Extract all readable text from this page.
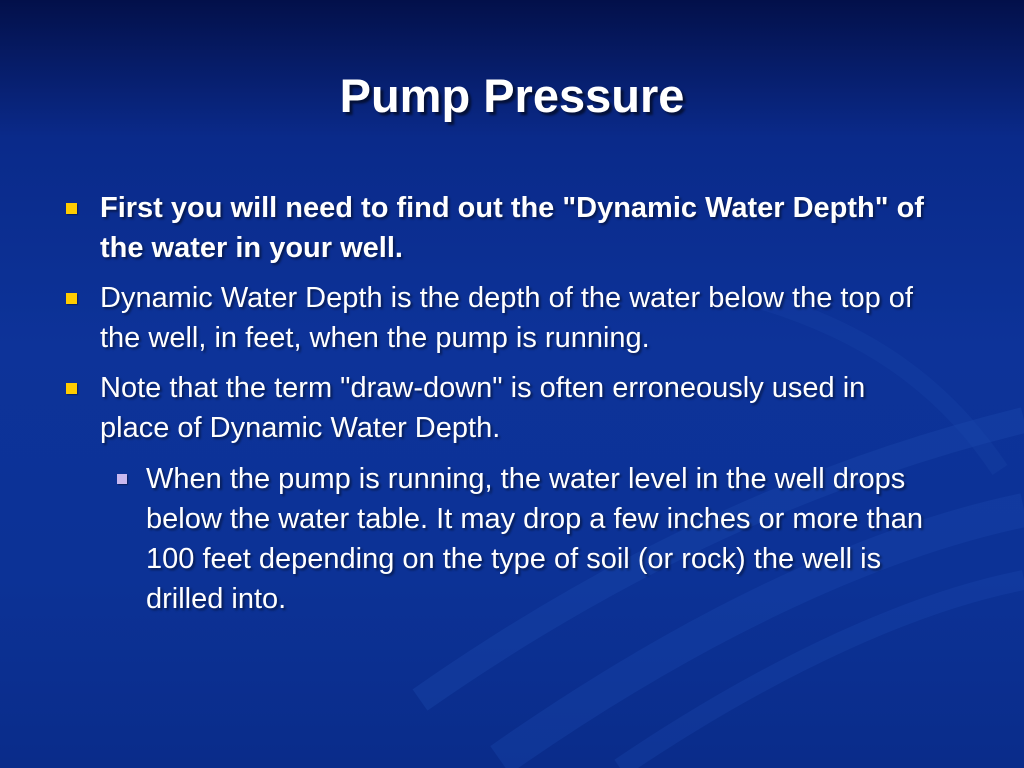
Pump Pressure
First you will need to find out the "Dynamic Water Depth" of the water in your well.
Dynamic Water Depth is the depth of the water below the top of the well, in feet, when the pump is running.
Note that the term "draw-down" is often erroneously used in place of Dynamic Water Depth.
When the pump is running, the water level in the well drops below the water table. It may drop a few inches or more than 100 feet depending on the type of soil (or rock) the well is drilled into.
